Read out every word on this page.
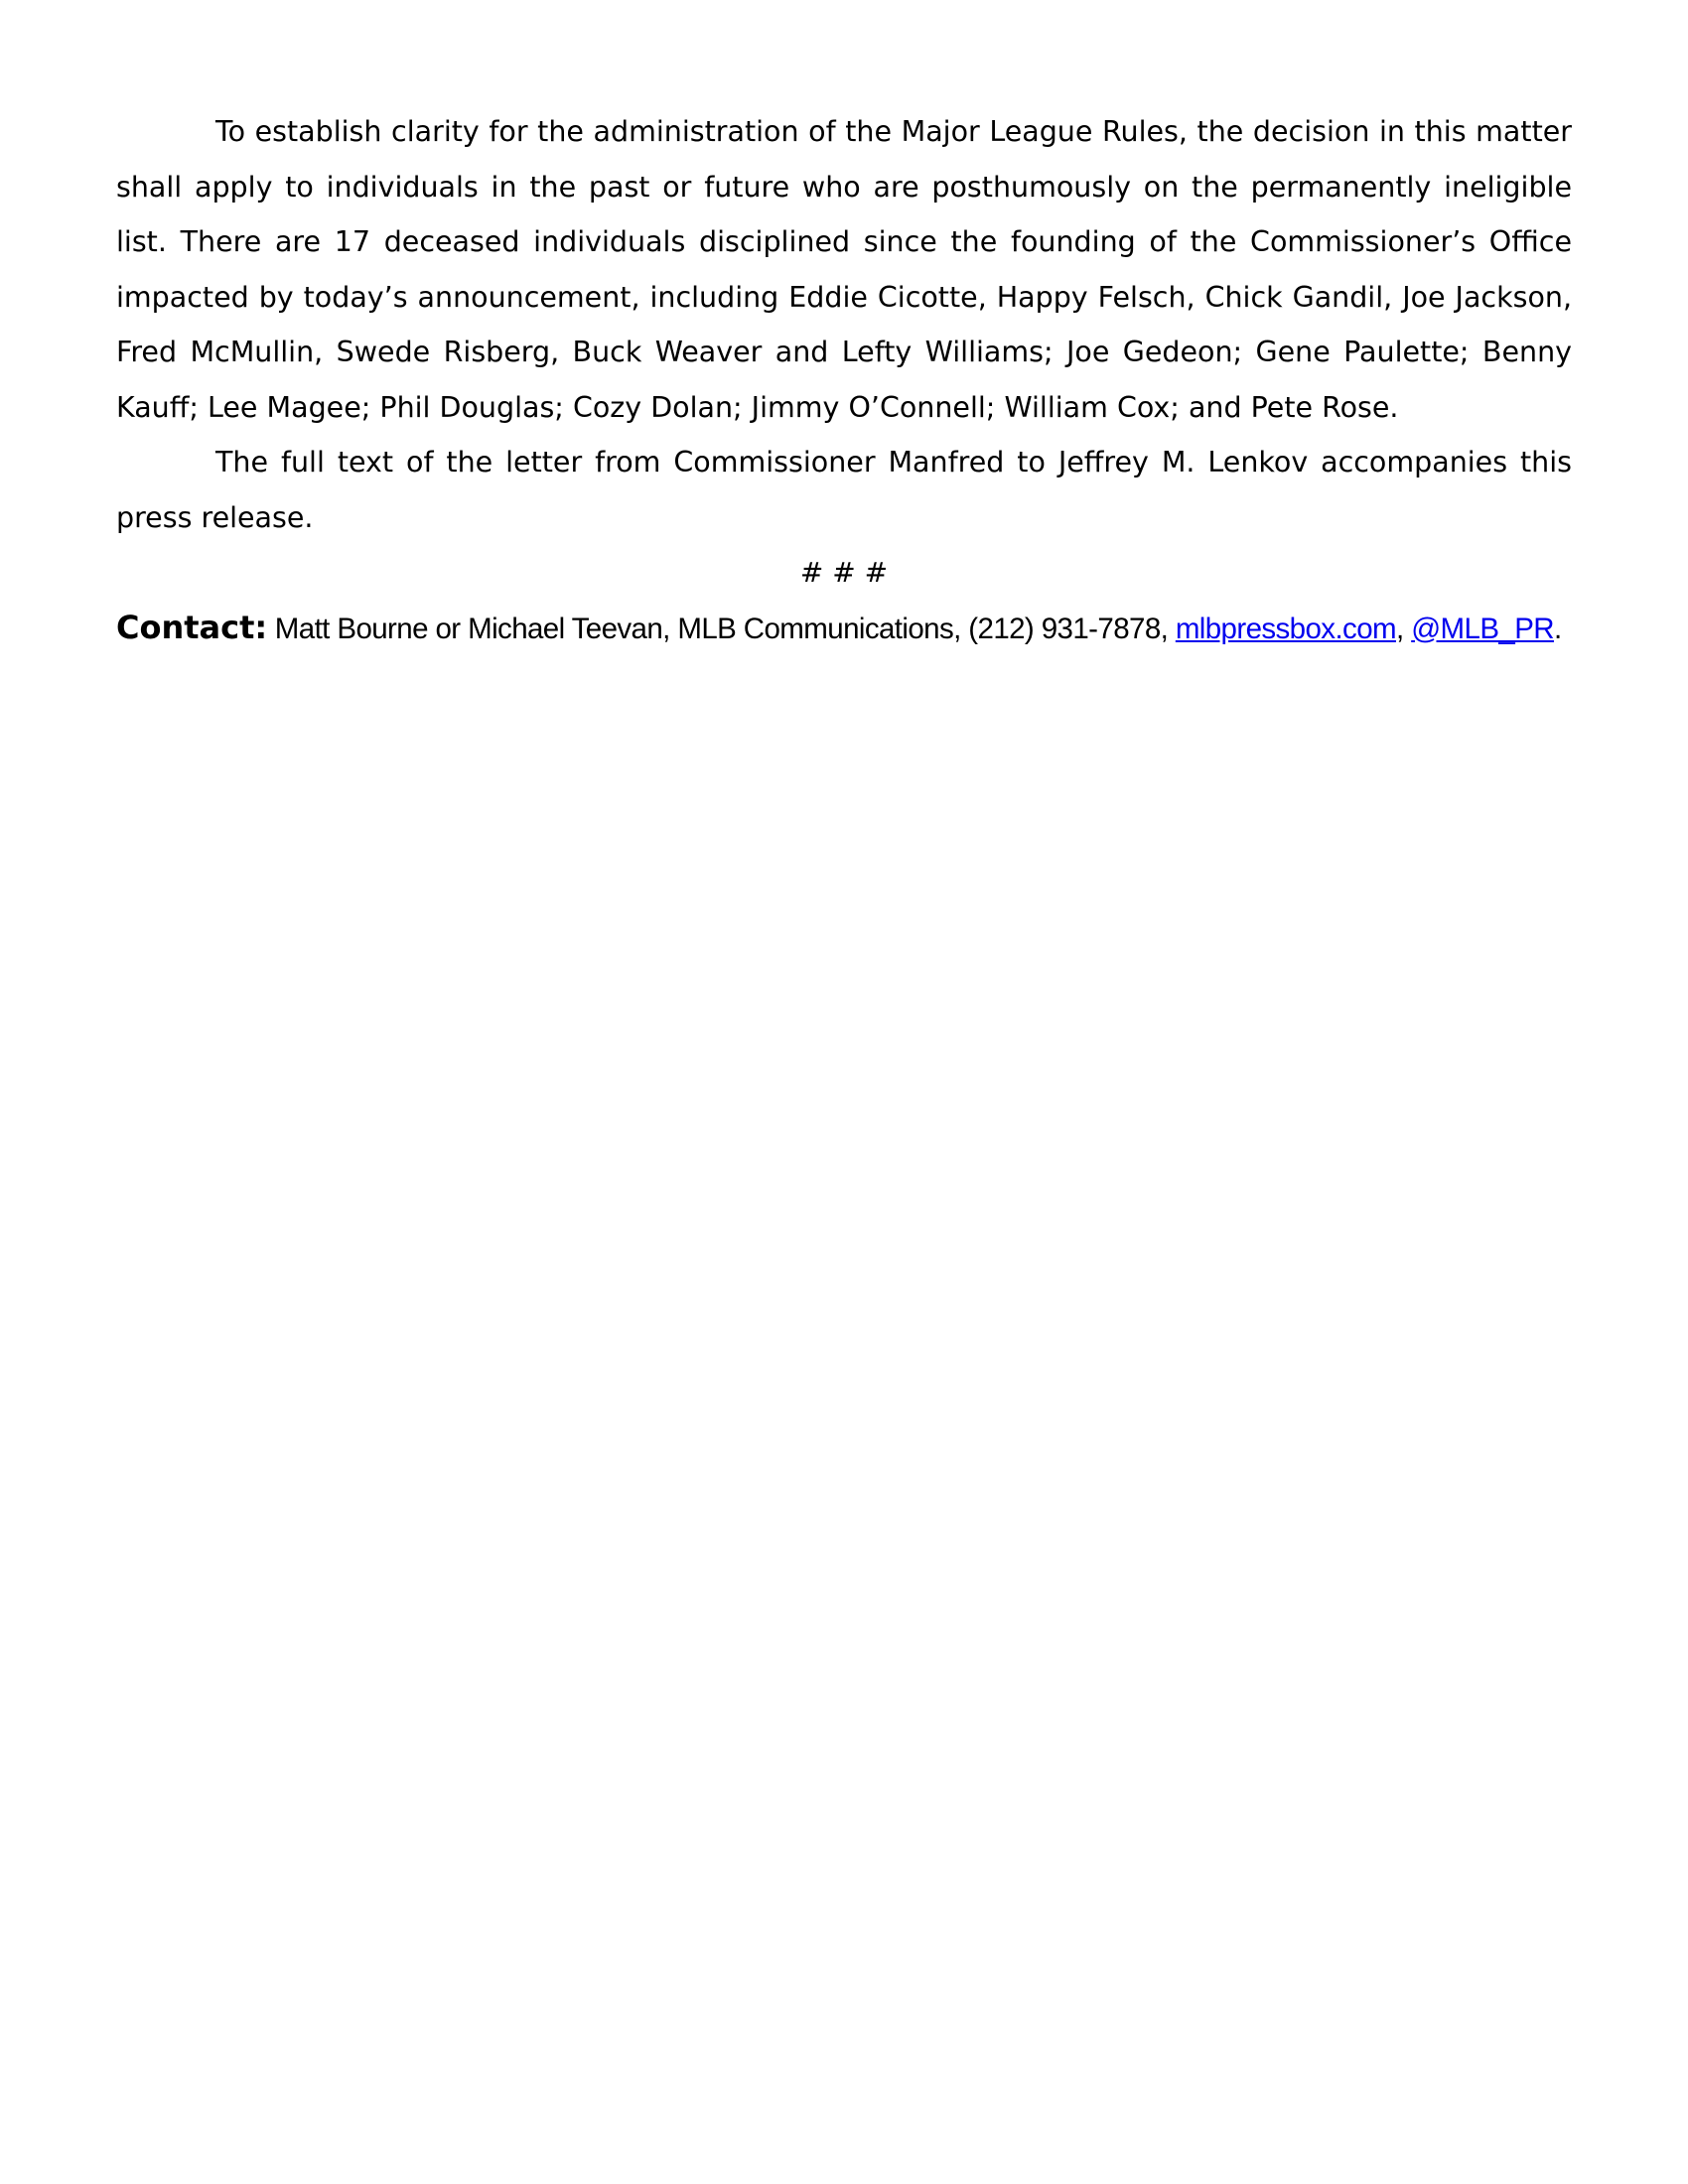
To establish clarity for the administration of the Major League Rules, the decision in this matter shall apply to individuals in the past or future who are posthumously on the permanently ineligible list. There are 17 deceased individuals disciplined since the founding of the Commissioner’s Office impacted by today’s announcement, including Eddie Cicotte, Happy Felsch, Chick Gandil, Joe Jackson, Fred McMullin, Swede Risberg, Buck Weaver and Lefty Williams; Joe Gedeon; Gene Paulette; Benny Kauff; Lee Magee; Phil Douglas; Cozy Dolan; Jimmy O’Connell; William Cox; and Pete Rose.

The full text of the letter from Commissioner Manfred to Jeffrey M. Lenkov accompanies this press release.

# # #

Contact: Matt Bourne or Michael Teevan, MLB Communications, (212) 931-7878, mlbpressbox.com, @MLB_PR.
